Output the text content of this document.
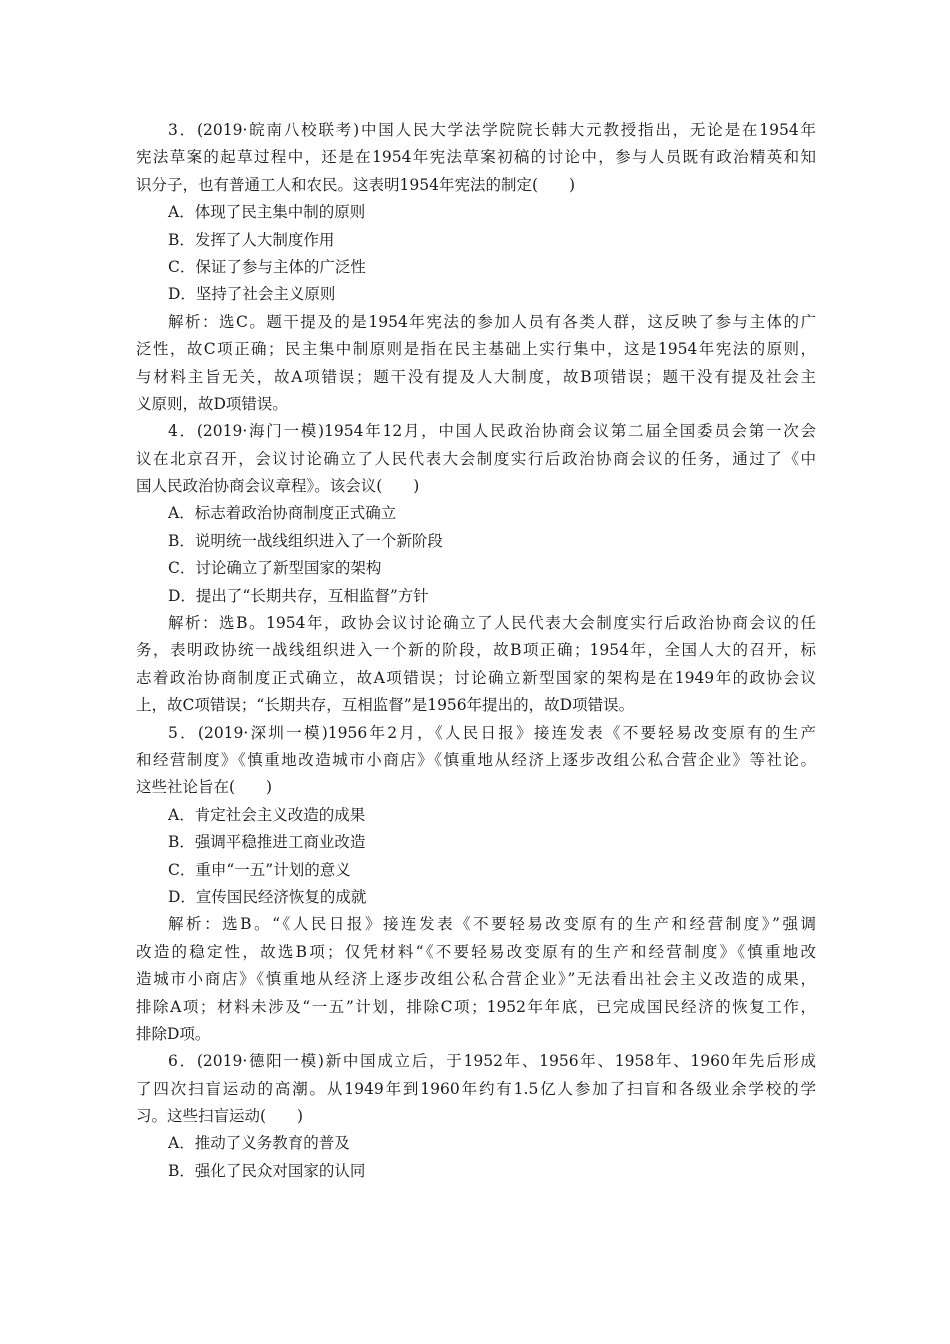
3．(2019·皖南八校联考)中国人民大学法学院院长韩大元教授指出，无论是在1954年
宪法草案的起草过程中，还是在1954年宪法草案初稿的讨论中，参与人员既有政治精英和知
识分子，也有普通工人和农民。这表明1954年宪法的制定(　　)
A．体现了民主集中制的原则
B．发挥了人大制度作用
C．保证了参与主体的广泛性
D．坚持了社会主义原则
解析：选C。题干提及的是1954年宪法的参加人员有各类人群，这反映了参与主体的广
泛性，故C项正确；民主集中制原则是指在民主基础上实行集中，这是1954年宪法的原则，
与材料主旨无关，故A项错误；题干没有提及人大制度，故B项错误；题干没有提及社会主
义原则，故D项错误。
4．(2019·海门一模)1954年12月，中国人民政治协商会议第二届全国委员会第一次会
议在北京召开，会议讨论确立了人民代表大会制度实行后政治协商会议的任务，通过了《中
国人民政治协商会议章程》。该会议(　　)
A．标志着政治协商制度正式确立
B．说明统一战线组织进入了一个新阶段
C．讨论确立了新型国家的架构
D．提出了“长期共存，互相监督”方针
解析：选B。1954年，政协会议讨论确立了人民代表大会制度实行后政治协商会议的任
务，表明政协统一战线组织进入一个新的阶段，故B项正确；1954年，全国人大的召开，标
志着政治协商制度正式确立，故A项错误；讨论确立新型国家的架构是在1949年的政协会议
上，故C项错误；“长期共存，互相监督”是1956年提出的，故D项错误。
5．(2019·深圳一模)1956年2月，《人民日报》接连发表《不要轻易改变原有的生产
和经营制度》《慎重地改造城市小商店》《慎重地从经济上逐步改组公私合营企业》等社论。
这些社论旨在(　　)
A．肯定社会主义改造的成果
B．强调平稳推进工商业改造
C．重申“一五”计划的意义
D．宣传国民经济恢复的成就
解析：选B。“《人民日报》接连发表《不要轻易改变原有的生产和经营制度》”强调
改造的稳定性，故选B项；仅凭材料“《不要轻易改变原有的生产和经营制度》《慎重地改
造城市小商店》《慎重地从经济上逐步改组公私合营企业》”无法看出社会主义改造的成果，
排除A项；材料未涉及“一五”计划，排除C项；1952年年底，已完成国民经济的恢复工作，
排除D项。
6．(2019·德阳一模)新中国成立后，于1952年、1956年、1958年、1960年先后形成
了四次扫盲运动的高潮。从1949年到1960年约有1.5亿人参加了扫盲和各级业余学校的学
习。这些扫盲运动(　　)
A．推动了义务教育的普及
B．强化了民众对国家的认同
